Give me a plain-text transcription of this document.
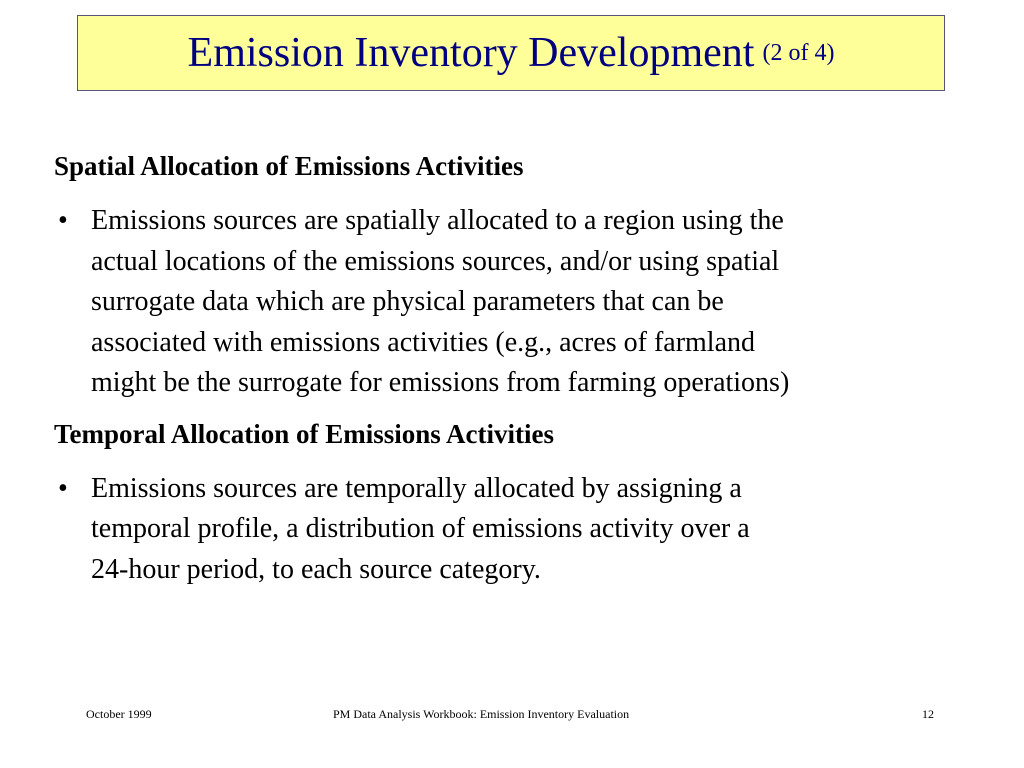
Emission Inventory Development (2 of 4)

Spatial Allocation of Emissions Activities

• Emissions sources are spatially allocated to a region using the
actual locations of the emissions sources, and/or using spatial
surrogate data which are physical parameters that can be
associated with emissions activities (e.g., acres of farmland
might be the surrogate for emissions from farming operations)

Temporal Allocation of Emissions Activities

• Emissions sources are temporally allocated by assigning a
temporal profile, a distribution of emissions activity over a
24-hour period, to each source category.
October 1999	PM Data Analysis Workbook: Emission Inventory Evaluation	12
